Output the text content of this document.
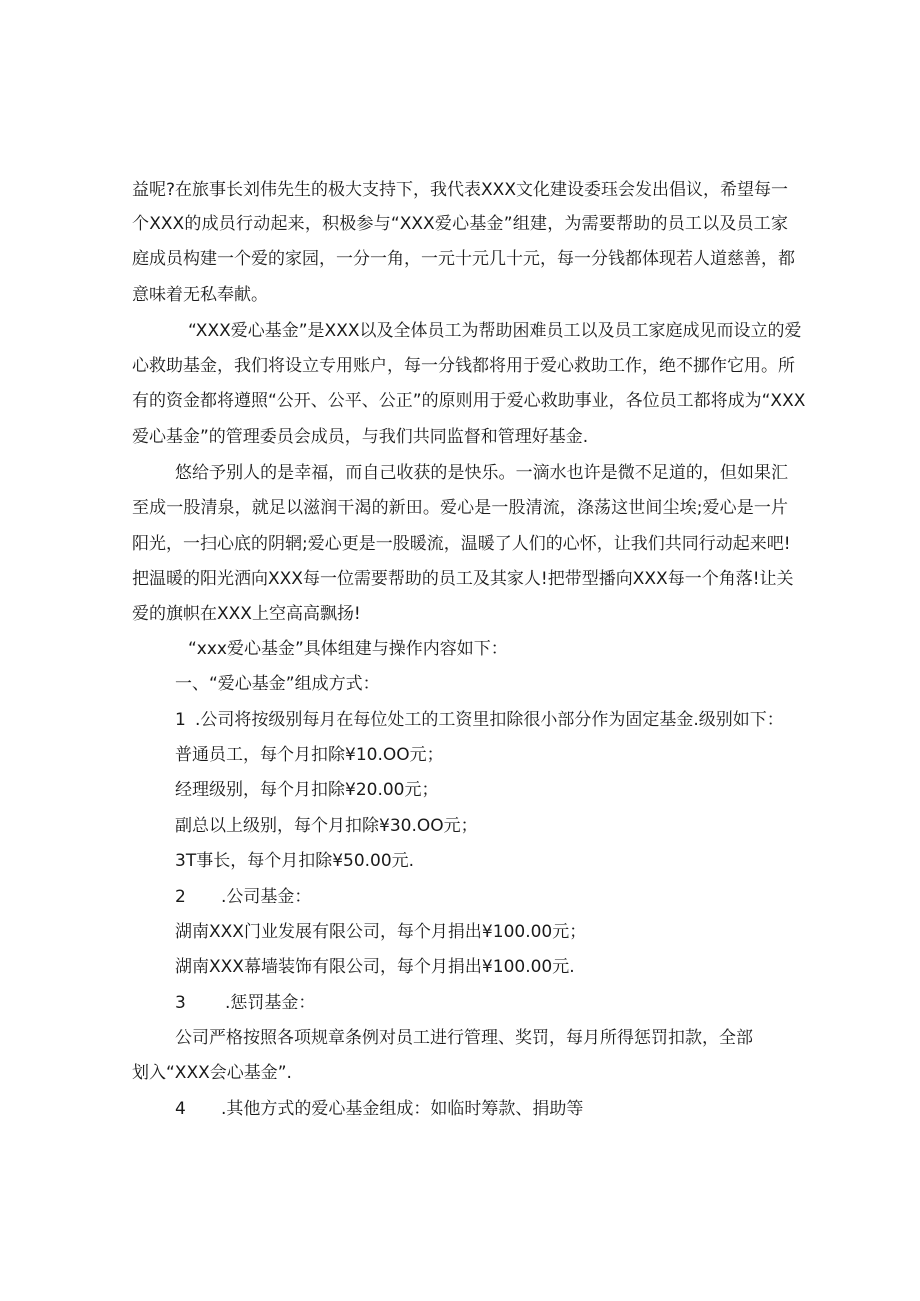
益呢?在旅事长刘伟先生的极大支持下，我代表XXX文化建设委珏会发出倡议，希望每一

个XXX的成员行动起来，积极参与“XXX爱心基金”组建，为需要帮助的员工以及员工家

庭成员构建一个爱的家园，一分一角，一元十元几十元，每一分钱都体现若人道慈善，都

意味着无私奉献。

“XXX爱心基金”是XXX以及全体员工为帮助困难员工以及员工家庭成见而设立的爱

心救助基金，我们将设立专用账户，每一分钱都将用于爱心救助工作，绝不挪作它用。所

有的资金都将遵照“公开、公平、公正”的原则用于爱心救助事业，各位员工都将成为“XXX

爱心基金”的管理委员会成员，与我们共同监督和管理好基金.

悠给予别人的是幸福，而自己收获的是快乐。一滴水也许是微不足道的，但如果汇

至成一股清泉，就足以滋润干渴的新田。爱心是一股清流，涤荡这世间尘埃;爱心是一片

阳光，一扫心底的阴辋;爱心更是一股暖流，温暖了人们的心怀，让我们共同行动起来吧!

把温暖的阳光洒向XXX每一位需要帮助的员工及其家人!把带型播向XXX每一个角落!让关

爱的旗帜在XXX上空高高飘扬!

“xxx爱心基金”具体组建与操作内容如下：

一、“爱心基金”组成方式：

1 .公司将按级别每月在每位处工的工资里扣除很小部分作为固定基金.级别如下：

普通员工，每个月扣除¥10.OO元；

经理级别，每个月扣除¥20.00元；

副总以上级别，每个月扣除¥30.OO元；

3T事长，每个月扣除¥50.00元.

2 .公司基金：

湖南XXX门业发展有限公司，每个月捐出¥100.00元；

湖南XXX幕墙装饰有限公司，每个月捐出¥100.00元.

3 .惩罚基金：

公司严格按照各项规章条例对员工进行管理、奖罚，每月所得惩罚扣款，全部

划入“XXX会心基金”.

4 .其他方式的爱心基金组成：如临时筹款、捐助等
